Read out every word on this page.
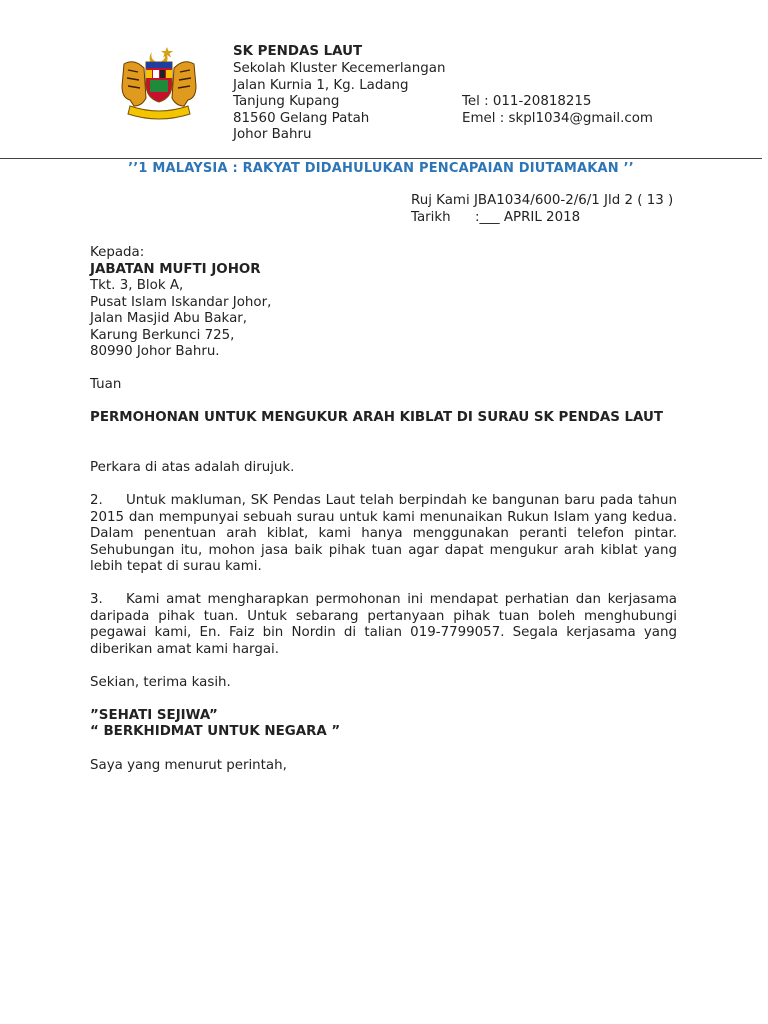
SK PENDAS LAUT
Sekolah Kluster Kecemerlangan
Jalan Kurnia 1, Kg. Ladang
Tanjung Kupang
81560 Gelang Patah
Johor Bahru
Tel : 011-20818215
Emel : skpl1034@gmail.com
’’1 MALAYSIA : RAKYAT DIDAHULUKAN PENCAPAIAN DIUTAMAKAN ’’
Ruj Kami JBA1034/600-2/6/1 Jld 2 ( 13 )
Tarikh :___ APRIL 2018
Kepada:
JABATAN MUFTI JOHOR
Tkt. 3, Blok A,
Pusat Islam Iskandar Johor,
Jalan Masjid Abu Bakar,
Karung Berkunci 725,
80990 Johor Bahru.
Tuan
PERMOHONAN UNTUK MENGUKUR ARAH KIBLAT DI SURAU SK PENDAS LAUT
Perkara di atas adalah dirujuk.
2. Untuk makluman, SK Pendas Laut telah berpindah ke bangunan baru pada tahun 2015 dan mempunyai sebuah surau untuk kami menunaikan Rukun Islam yang kedua. Dalam penentuan arah kiblat, kami hanya menggunakan peranti telefon pintar. Sehubungan itu, mohon jasa baik pihak tuan agar dapat mengukur arah kiblat yang lebih tepat di surau kami.
3. Kami amat mengharapkan permohonan ini mendapat perhatian dan kerjasama daripada pihak tuan. Untuk sebarang pertanyaan pihak tuan boleh menghubungi pegawai kami, En. Faiz bin Nordin di talian 019-7799057. Segala kerjasama yang diberikan amat kami hargai.
Sekian, terima kasih.
”SEHATI SEJIWA”
“ BERKHIDMAT UNTUK NEGARA ”
Saya yang menurut perintah,
